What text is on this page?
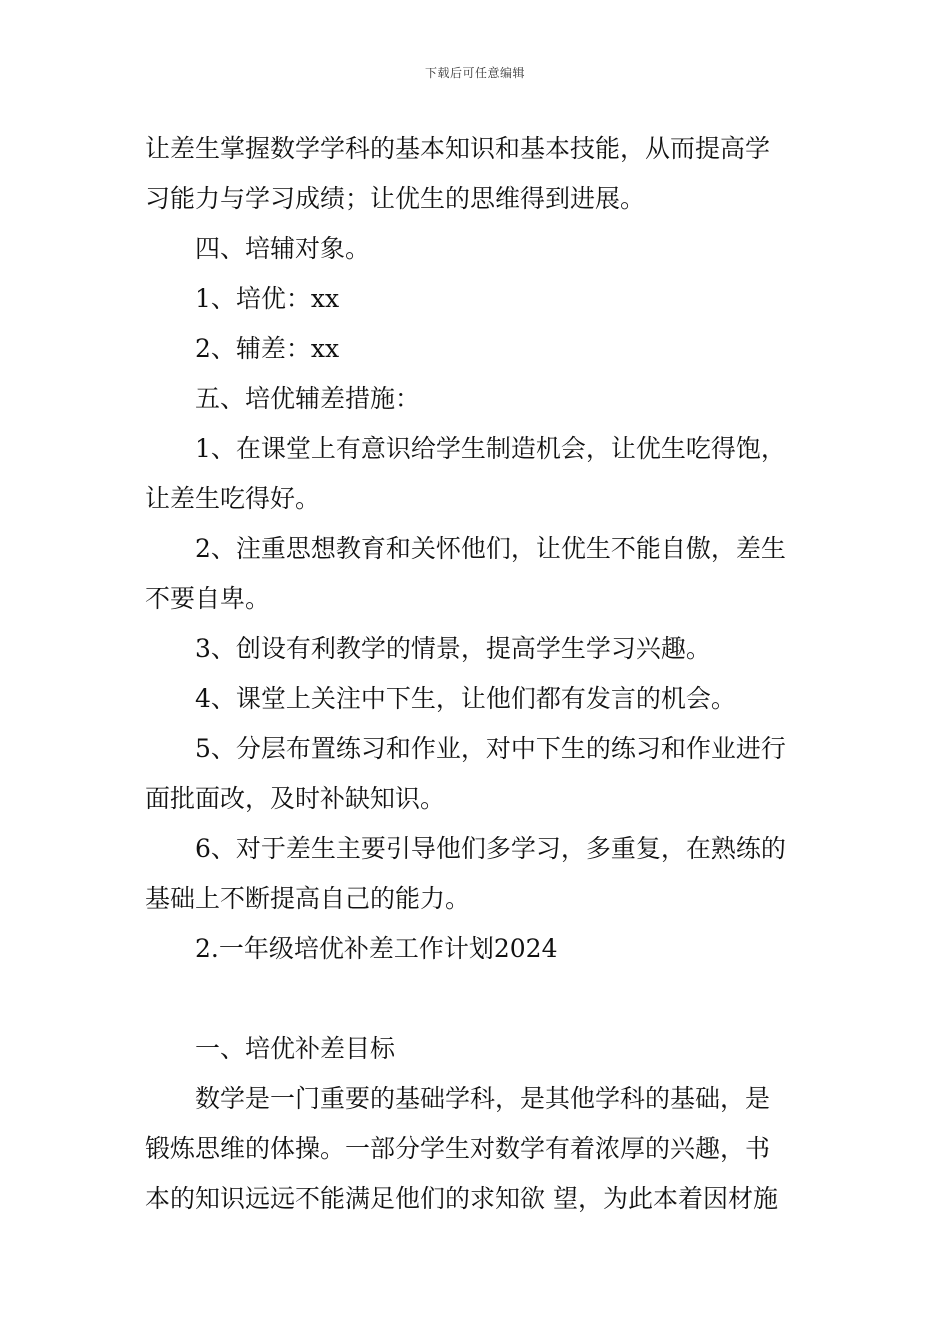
下载后可任意编辑
让差生掌握数学学科的基本知识和基本技能，从而提高学
习能力与学习成绩；让优生的思维得到进展。
四、培辅对象。
1、培优：xx
2、辅差：xx
五、培优辅差措施：
1、在课堂上有意识给学生制造机会，让优生吃得饱，
让差生吃得好。
2、注重思想教育和关怀他们，让优生不能自傲，差生
不要自卑。
3、创设有利教学的情景，提高学生学习兴趣。
4、课堂上关注中下生，让他们都有发言的机会。
5、分层布置练习和作业，对中下生的练习和作业进行
面批面改，及时补缺知识。
6、对于差生主要引导他们多学习，多重复，在熟练的
基础上不断提高自己的能力。
2.一年级培优补差工作计划2024
一、培优补差目标
数学是一门重要的基础学科，是其他学科的基础，是
锻炼思维的体操。一部分学生对数学有着浓厚的兴趣，书
本的知识远远不能满足他们的求知欲 望，为此本着因材施
